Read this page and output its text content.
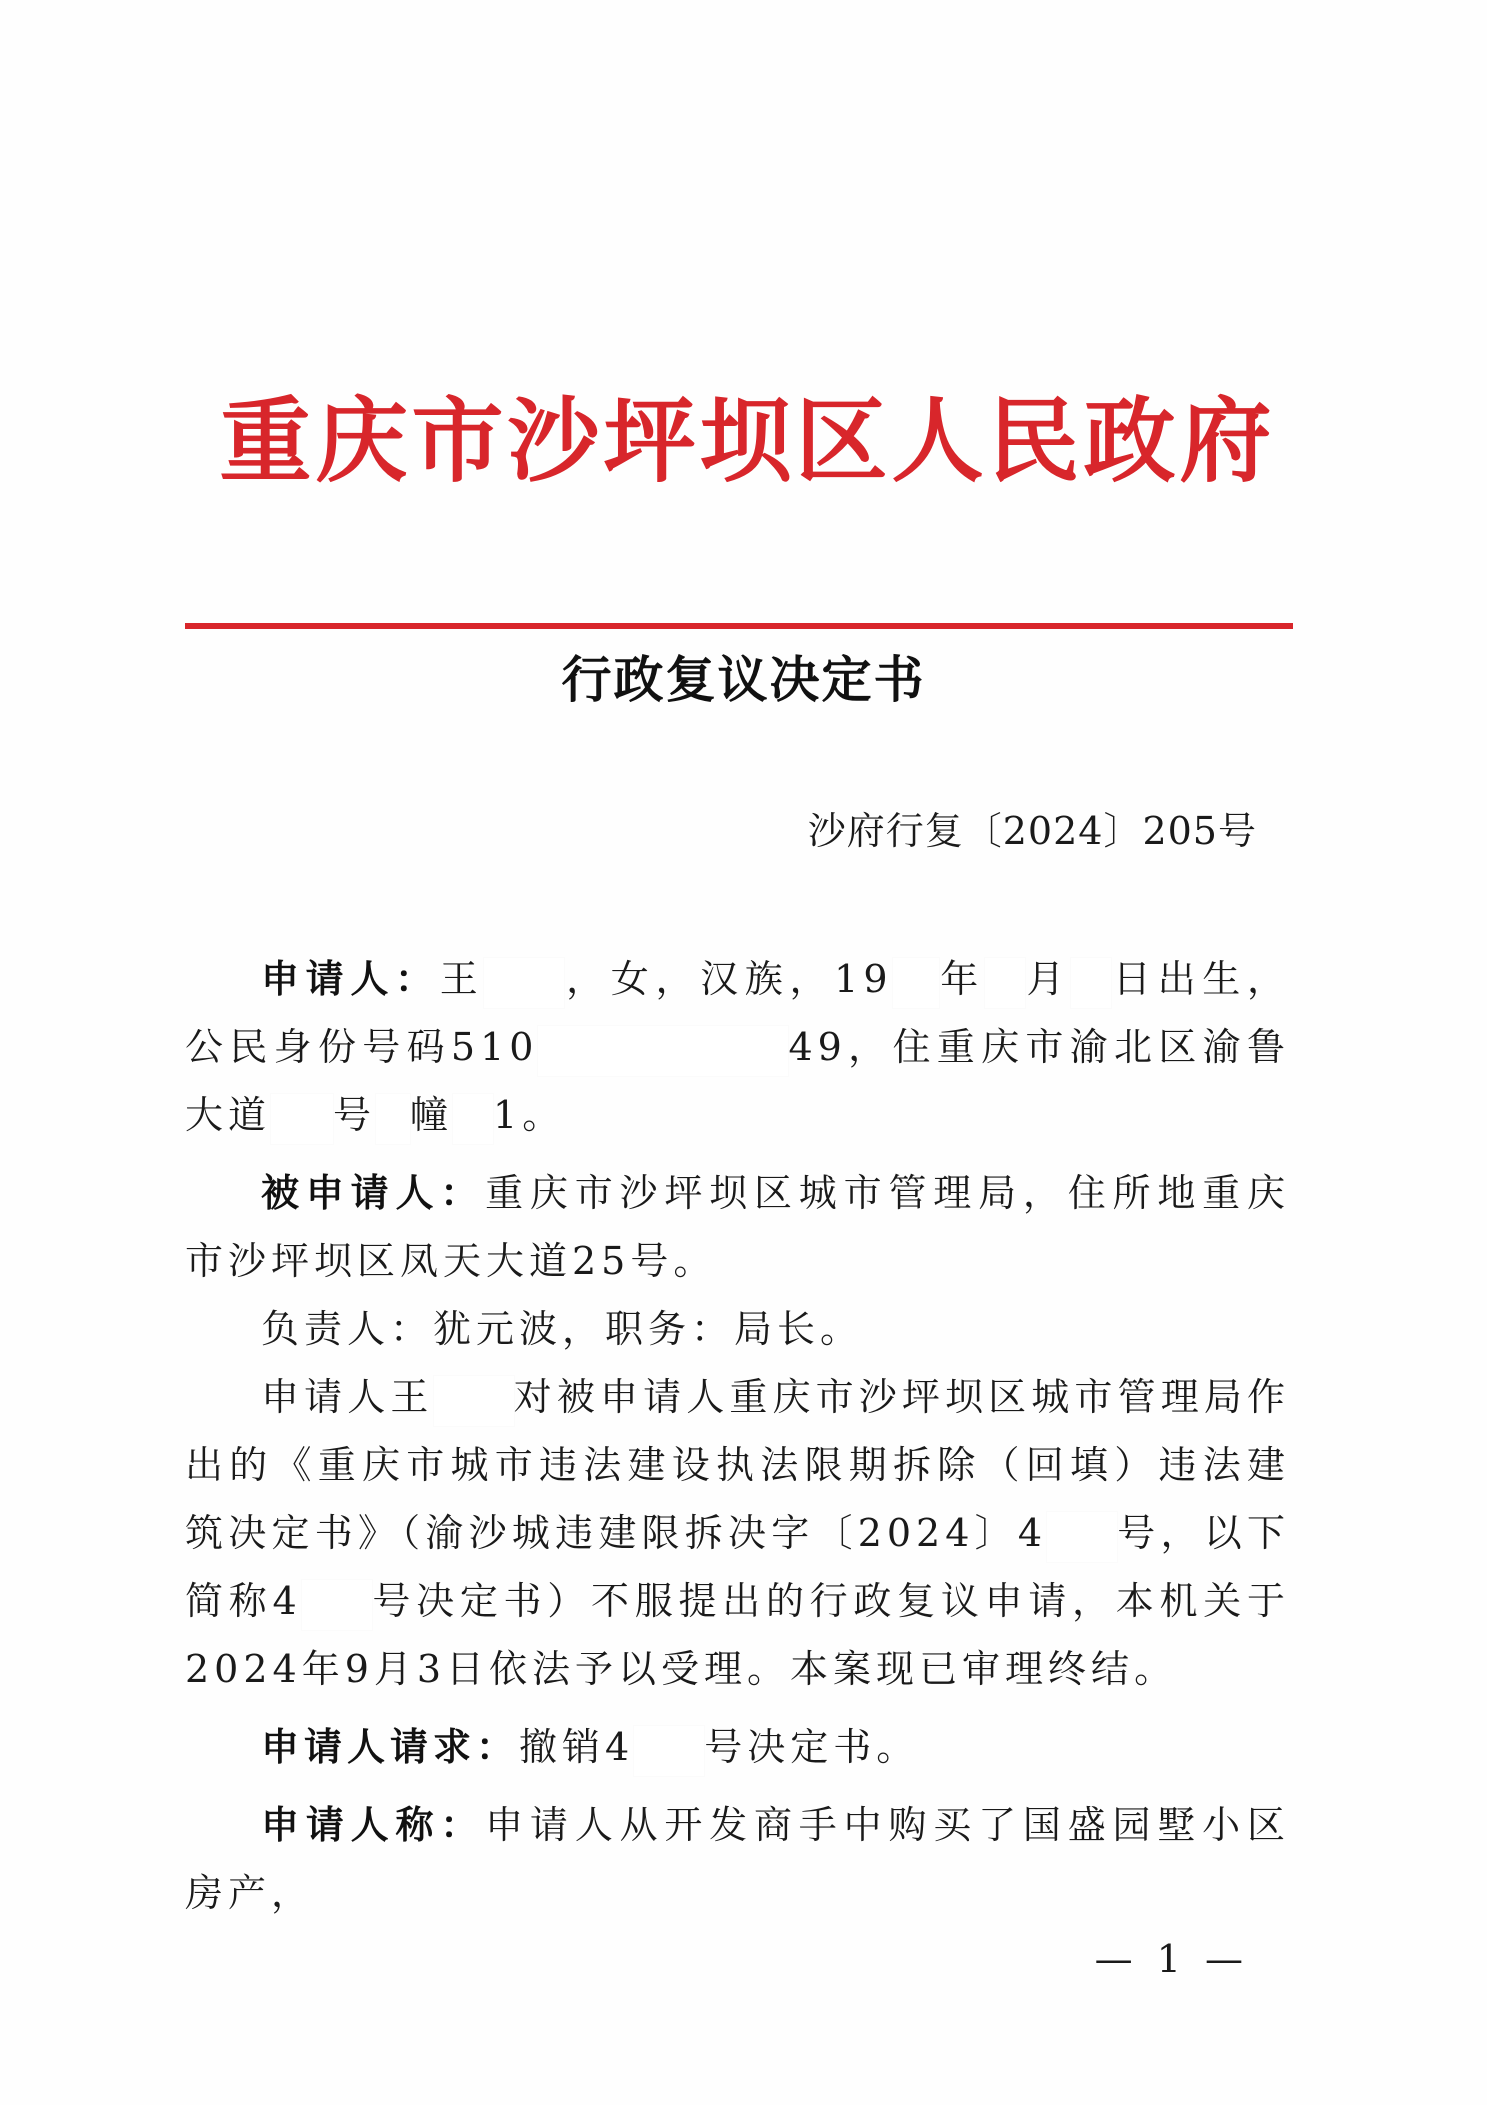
重庆市沙坪坝区人民政府
行政复议决定书
沙府行复〔2024〕205号

申请人：王 ，女，汉族，19 年 月 日出生，公民身份号码510	49，住重庆市渝北区渝鲁大道 号 幢 1。

被申请人：重庆市沙坪坝区城市管理局，住所地重庆市沙坪坝区凤天大道25号。

负责人：犹元波，职务：局长。

申请人王 对被申请人重庆市沙坪坝区城市管理局作出的《重庆市城市违法建设执法限期拆除（回填）违法建筑决定书》（渝沙城违建限拆决字〔2024〕4 号，以下简称4 号决定书）不服提出的行政复议申请，本机关于2024年9月3日依法予以受理。本案现已审理终结。

申请人请求：撤销4 号决定书。

申请人称：申请人从开发商手中购买了国盛园墅小区房产，

— 1 —
